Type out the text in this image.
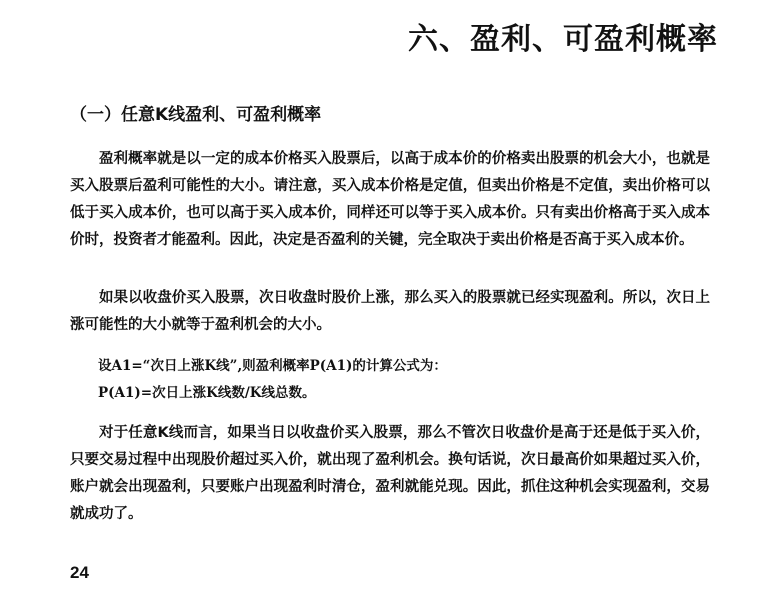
六、盈利、可盈利概率
（一）任意K线盈利、可盈利概率

盈利概率就是以一定的成本价格买入股票后，以高于成本价的价格卖出股票的机会大小，也就是买入股票后盈利可能性的大小。请注意，买入成本价格是定值，但卖出价格是不定值，卖出价格可以低于买入成本价，也可以高于买入成本价，同样还可以等于买入成本价。只有卖出价格高于买入成本价时，投资者才能盈利。因此，决定是否盈利的关键，完全取决于卖出价格是否高于买入成本价。

如果以收盘价买入股票，次日收盘时股价上涨，那么买入的股票就已经实现盈利。所以，次日上涨可能性的大小就等于盈利机会的大小。

设A1=“次日上涨K线”,则盈利概率P(A1)的计算公式为：
P(A1)=次日上涨K线数/K线总数。

对于任意K线而言，如果当日以收盘价买入股票，那么不管次日收盘价是高于还是低于买入价，只要交易过程中出现股价超过买入价，就出现了盈利机会。换句话说，次日最高价如果超过买入价，账户就会出现盈利，只要账户出现盈利时清仓，盈利就能兑现。因此，抓住这种机会实现盈利，交易就成功了。

24
